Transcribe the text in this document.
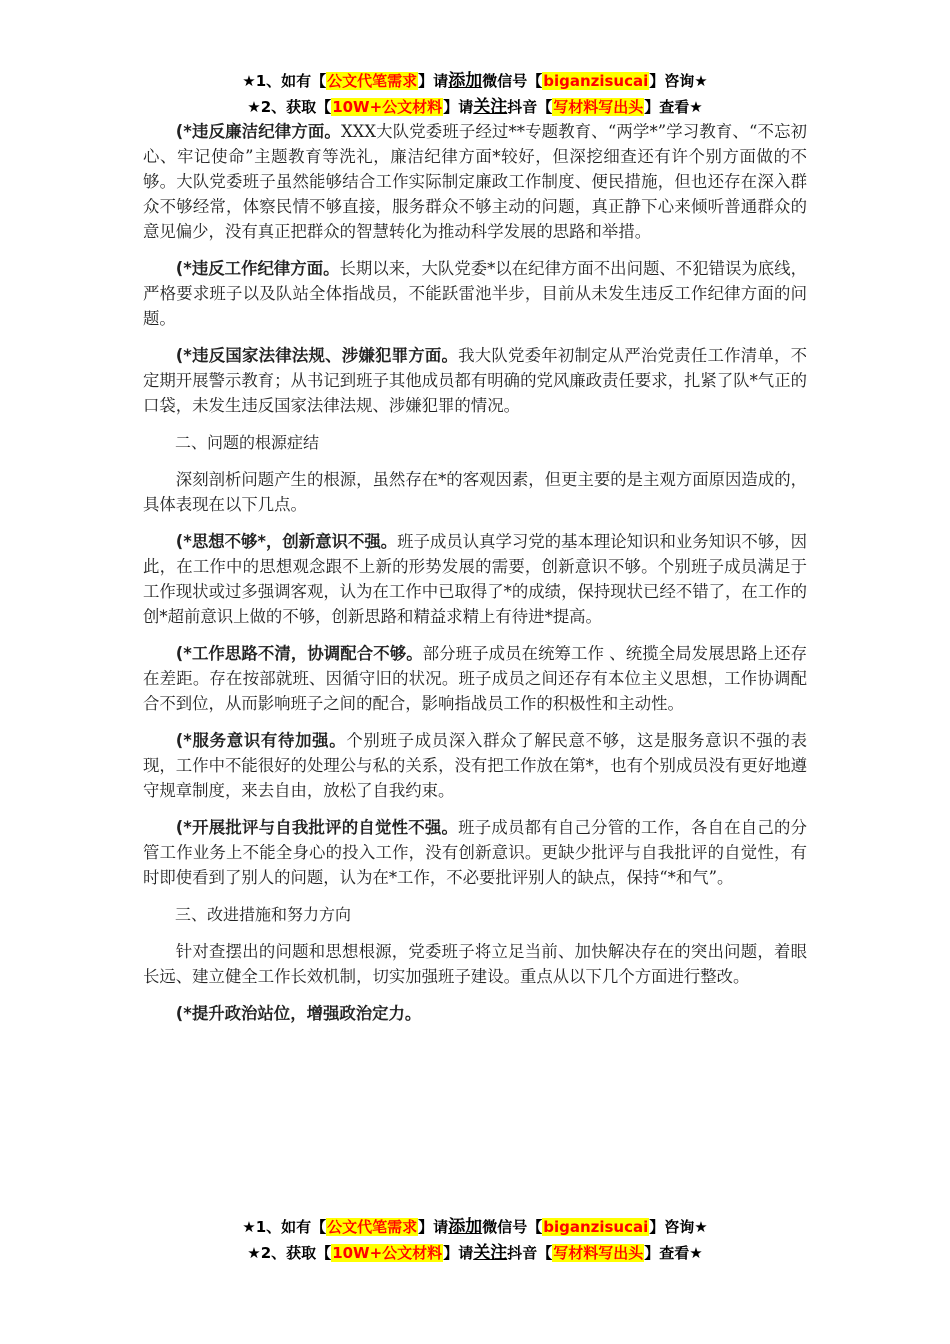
★1、如有【公文代笔需求】请添加微信号【biganzisucai】咨询★
★2、获取【10W+公文材料】请关注抖音【写材料写出头】查看★

(*违反廉洁纪律方面。XXX大队党委班子经过**专题教育、“两学*”学习教育、“不忘初心、牢记使命”主题教育等洗礼，廉洁纪律方面*较好，但深挖细查还有许个别方面做的不够。大队党委班子虽然能够结合工作实际制定廉政工作制度、便民措施，但也还存在深入群众不够经常，体察民情不够直接，服务群众不够主动的问题，真正静下心来倾听普通群众的意见偏少，没有真正把群众的智慧转化为推动科学发展的思路和举措。

(*违反工作纪律方面。长期以来，大队党委*以在纪律方面不出问题、不犯错误为底线，严格要求班子以及队站全体指战员，不能跃雷池半步，目前从未发生违反工作纪律方面的问题。

(*违反国家法律法规、涉嫌犯罪方面。我大队党委年初制定从严治党责任工作清单，不定期开展警示教育；从书记到班子其他成员都有明确的党风廉政责任要求，扎紧了队*气正的口袋，未发生违反国家法律法规、涉嫌犯罪的情况。

二、问题的根源症结

深刻剖析问题产生的根源，虽然存在*的客观因素，但更主要的是主观方面原因造成的，具体表现在以下几点。

(*思想不够*，创新意识不强。班子成员认真学习党的基本理论知识和业务知识不够，因此，在工作中的思想观念跟不上新的形势发展的需要，创新意识不够。个别班子成员满足于工作现状或过多强调客观，认为在工作中已取得了*的成绩，保持现状已经不错了，在工作的创*超前意识上做的不够，创新思路和精益求精上有待进*提高。

(*工作思路不清，协调配合不够。部分班子成员在统筹工作 、统揽全局发展思路上还存在差距。存在按部就班、因循守旧的状况。班子成员之间还存有本位主义思想，工作协调配合不到位，从而影响班子之间的配合，影响指战员工作的积极性和主动性。

(*服务意识有待加强。个别班子成员深入群众了解民意不够，这是服务意识不强的表现，工作中不能很好的处理公与私的关系，没有把工作放在第*，也有个别成员没有更好地遵守规章制度，来去自由，放松了自我约束。

(*开展批评与自我批评的自觉性不强。班子成员都有自己分管的工作，各自在自己的分管工作业务上不能全身心的投入工作，没有创新意识。更缺少批评与自我批评的自觉性，有时即使看到了别人的问题，认为在*工作，不必要批评别人的缺点，保持“*和气”。

三、改进措施和努力方向

针对查摆出的问题和思想根源，党委班子将立足当前、加快解决存在的突出问题，着眼长远、建立健全工作长效机制，切实加强班子建设。重点从以下几个方面进行整改。

(*提升政治站位，增强政治定力。

★1、如有【公文代笔需求】请添加微信号【biganzisucai】咨询★
★2、获取【10W+公文材料】请关注抖音【写材料写出头】查看★
